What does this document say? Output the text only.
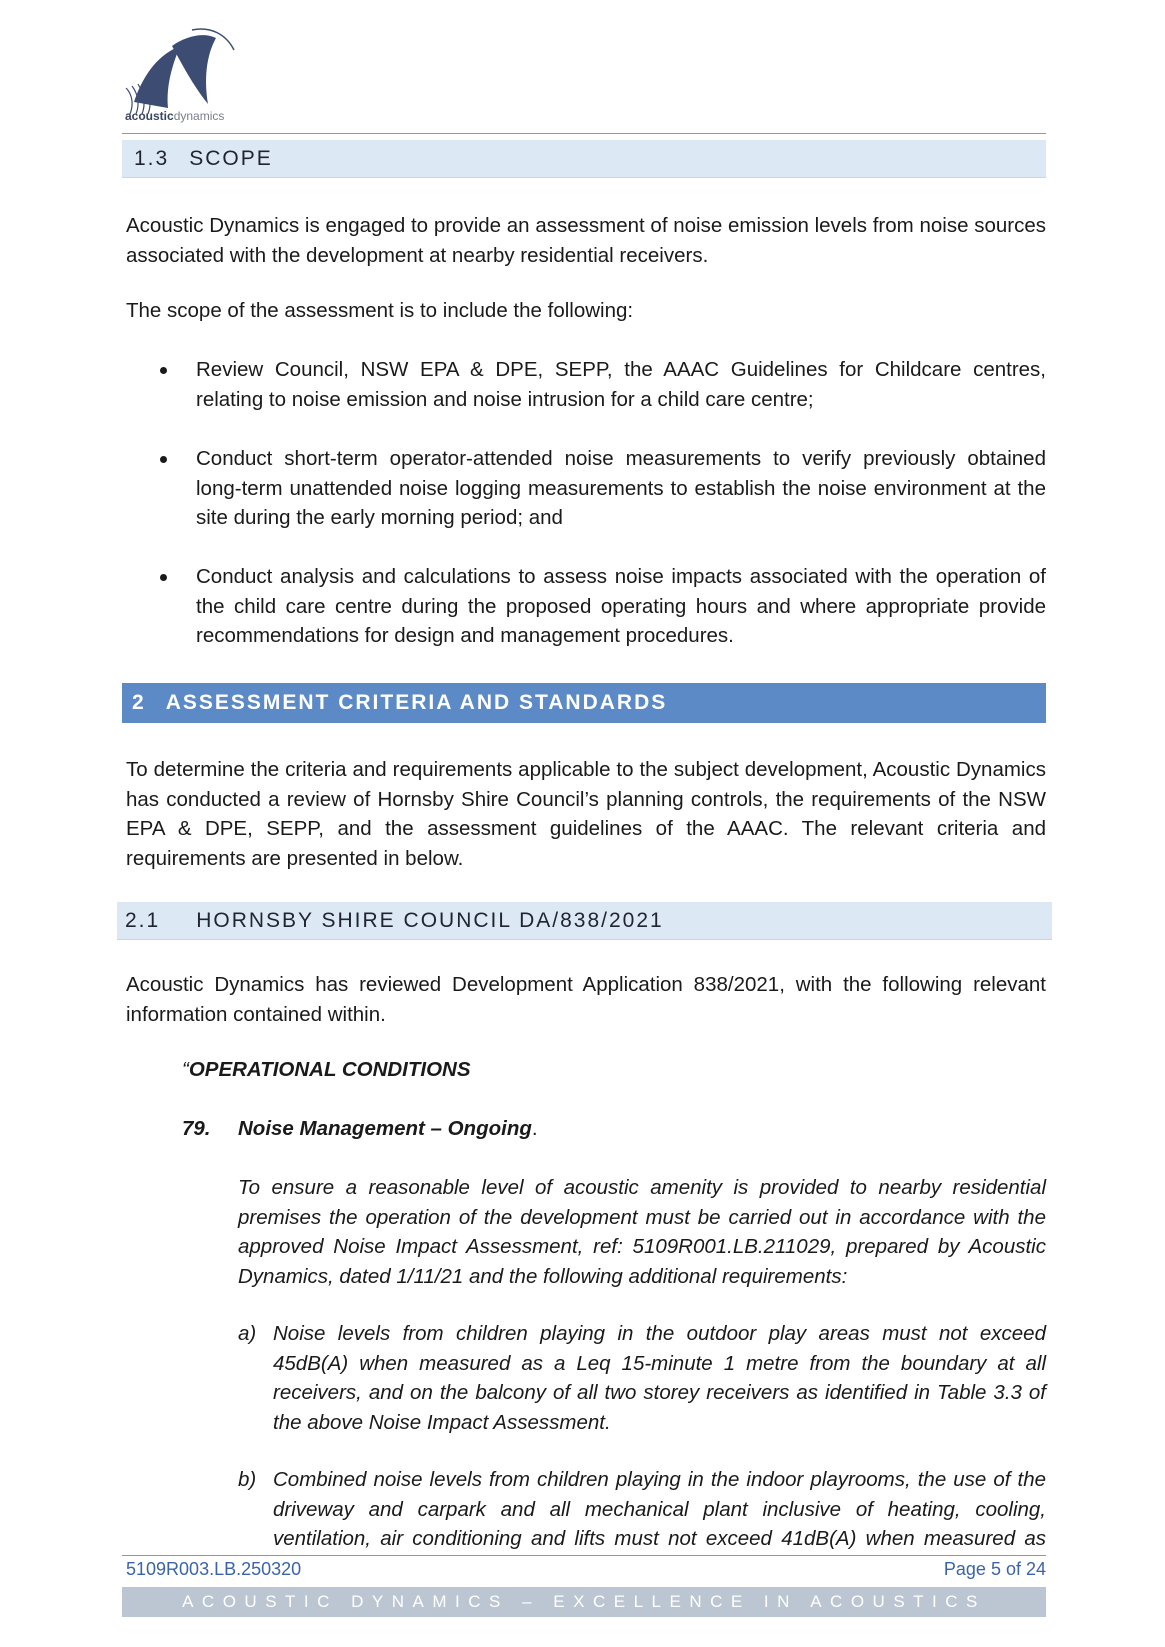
acousticdynamics
1.3 SCOPE
Acoustic Dynamics is engaged to provide an assessment of noise emission levels from noise sources associated with the development at nearby residential receivers.
The scope of the assessment is to include the following:
Review Council, NSW EPA & DPE, SEPP, the AAAC Guidelines for Childcare centres, relating to noise emission and noise intrusion for a child care centre;
Conduct short-term operator-attended noise measurements to verify previously obtained long-term unattended noise logging measurements to establish the noise environment at the site during the early morning period; and
Conduct analysis and calculations to assess noise impacts associated with the operation of the child care centre during the proposed operating hours and where appropriate provide recommendations for design and management procedures.
2 ASSESSMENT CRITERIA AND STANDARDS
To determine the criteria and requirements applicable to the subject development, Acoustic Dynamics has conducted a review of Hornsby Shire Council’s planning controls, the requirements of the NSW EPA & DPE, SEPP, and the assessment guidelines of the AAAC. The relevant criteria and requirements are presented in below.
2.1 HORNSBY SHIRE COUNCIL DA/838/2021
Acoustic Dynamics has reviewed Development Application 838/2021, with the following relevant information contained within.
“OPERATIONAL CONDITIONS
79. Noise Management – Ongoing.
To ensure a reasonable level of acoustic amenity is provided to nearby residential premises the operation of the development must be carried out in accordance with the approved Noise Impact Assessment, ref: 5109R001.LB.211029, prepared by Acoustic Dynamics, dated 1/11/21 and the following additional requirements:
a) Noise levels from children playing in the outdoor play areas must not exceed 45dB(A) when measured as a Leq 15-minute 1 metre from the boundary at all receivers, and on the balcony of all two storey receivers as identified in Table 3.3 of the above Noise Impact Assessment.
b) Combined noise levels from children playing in the indoor playrooms, the use of the driveway and carpark and all mechanical plant inclusive of heating, cooling, ventilation, air conditioning and lifts must not exceed 41dB(A) when measured as
5109R003.LB.250320	Page 5 of 24
ACOUSTIC DYNAMICS – EXCELLENCE IN ACOUSTICS
